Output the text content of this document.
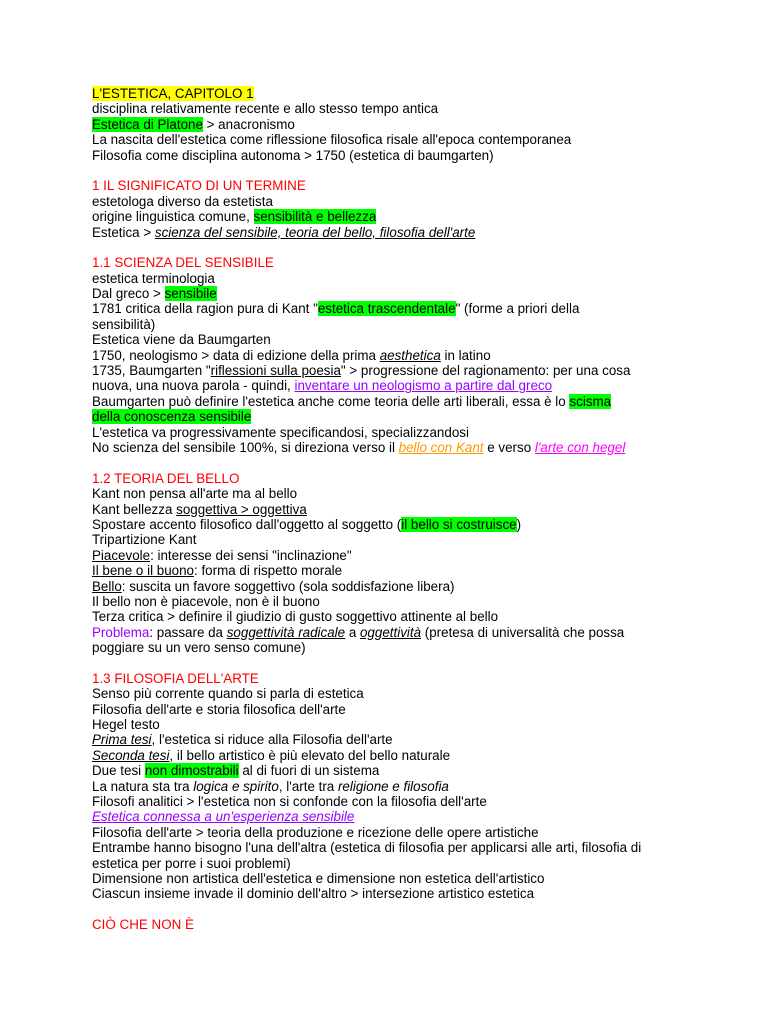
L'ESTETICA, CAPITOLO 1
disciplina relativamente recente e allo stesso tempo antica
Estetica di Platone > anacronismo
La nascita dell'estetica come riflessione filosofica risale all'epoca contemporanea
Filosofia come disciplina autonoma > 1750 (estetica di baumgarten)
1 IL SIGNIFICATO DI UN TERMINE
estetologa diverso da estetista
origine linguistica comune, sensibilità e bellezza
Estetica > scienza del sensibile, teoria del bello, filosofia dell'arte
1.1 SCIENZA DEL SENSIBILE
estetica terminologia
Dal greco > sensibile
1781 critica della ragion pura di Kant "estetica trascendentale" (forme a priori della
sensibilità)
Estetica viene da Baumgarten
1750, neologismo > data di edizione della prima aesthetica in latino
1735, Baumgarten "riflessioni sulla poesia" > progressione del ragionamento: per una cosa
nuova, una nuova parola - quindi, inventare un neologismo a partire dal greco
Baumgarten può definire l'estetica anche come teoria delle arti liberali, essa è lo scisma
della conoscenza sensibile
L'estetica va progressivamente specificandosi, specializzandosi
No scienza del sensibile 100%, si direziona verso il bello con Kant e verso l'arte con hegel
1.2 TEORIA DEL BELLO
Kant non pensa all'arte ma al bello
Kant bellezza soggettiva > oggettiva
Spostare accento filosofico dall'oggetto al soggetto (il bello si costruisce)
Tripartizione Kant
Piacevole: interesse dei sensi "inclinazione"
Il bene o il buono: forma di rispetto morale
Bello: suscita un favore soggettivo (sola soddisfazione libera)
Il bello non è piacevole, non è il buono
Terza critica > definire il giudizio di gusto soggettivo attinente al bello
Problema: passare da soggettività radicale a oggettività (pretesa di universalità che possa
poggiare su un vero senso comune)
1.3 FILOSOFIA DELL'ARTE
Senso più corrente quando si parla di estetica
Filosofia dell'arte e storia filosofica dell'arte
Hegel testo
Prima tesi, l'estetica si riduce alla Filosofia dell'arte
Seconda tesi, il bello artistico è più elevato del bello naturale
Due tesi non dimostrabili al di fuori di un sistema
La natura sta tra logica e spirito, l'arte tra religione e filosofia
Filosofi analitici > l'estetica non si confonde con la filosofia dell'arte
Estetica connessa a un'esperienza sensibile
Filosofia dell'arte > teoria della produzione e ricezione delle opere artistiche
Entrambe hanno bisogno l'una dell'altra (estetica di filosofia per applicarsi alle arti, filosofia di
estetica per porre i suoi problemi)
Dimensione non artistica dell'estetica e dimensione non estetica dell'artistico
Ciascun insieme invade il dominio dell'altro > intersezione artistico estetica
CIÒ CHE NON È
